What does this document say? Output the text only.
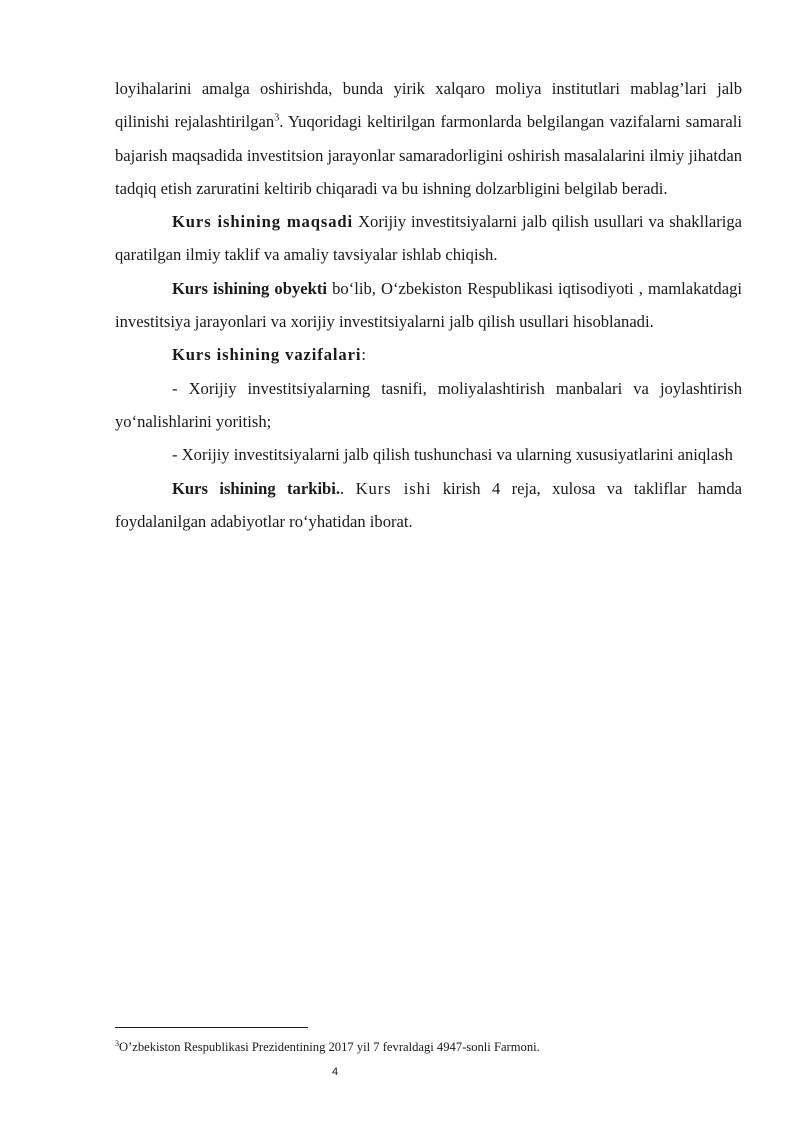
loyihalarini amalga oshirishda, bunda yirik xalqaro moliya institutlari mablag’lari jalb qilinishi rejalashtirilgan$^3$. Yuqoridagi keltirilgan farmonlarda belgilangan vazifalarni samarali bajarish maqsadida investitsion jarayonlar samaradorligini oshirish masalalarini ilmiy jihatdan tadqiq etish zaruratini keltirib chiqaradi va bu ishning dolzarbligini belgilab beradi.

Kurs ishining maqsadi Xorijiy investitsiyalarni jalb qilish usullari va shakllariga qaratilgan ilmiy taklif va amaliy tavsiyalar ishlab chiqish.

Kurs ishining obyekti bo‘lib, O‘zbekiston Respublikasi iqtisodiyoti , mamlakatdagi investitsiya jarayonlari va xorijiy investitsiyalarni jalb qilish usullari hisoblanadi.

Kurs ishining vazifalari:

- Xorijiy investitsiyalarning tasnifi, moliyalashtirish manbalari va joylashtirish yo‘nalishlarini yoritish;

- Xorijiy investitsiyalarni jalb qilish tushunchasi va ularning xususiyatlarini aniqlash

Kurs ishining tarkibi.. Kurs ishi kirish 4 reja, xulosa va takliflar hamda foydalanilgan adabiyotlar ro‘yhatidan iborat.

$^3$O’zbekiston Respublikasi Prezidentining 2017 yil 7 fevraldagi 4947-sonli Farmoni.
4
